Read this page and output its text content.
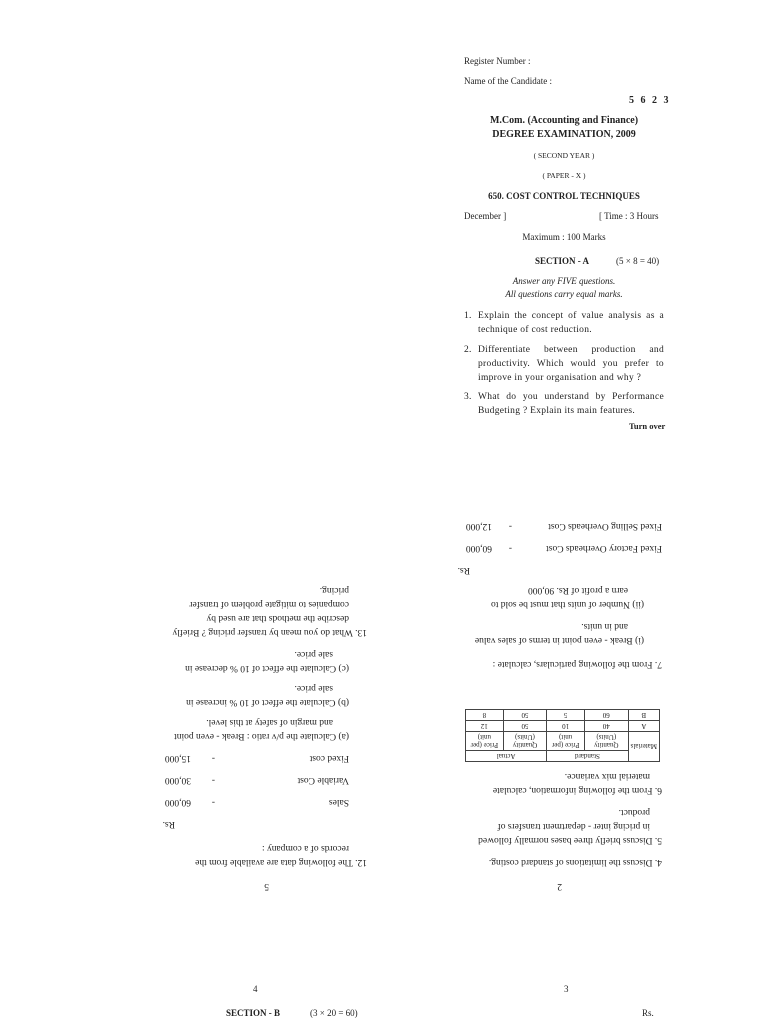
Register Number :
Name of the Candidate :
5 6 2 3
M.Com. (Accounting and Finance)
DEGREE EXAMINATION, 2009
( SECOND YEAR )
( PAPER - X )
650. COST CONTROL TECHNIQUES
December ]	[ Time : 3 Hours
Maximum : 100 Marks
SECTION - A	(5 × 8 = 40)
Answer any FIVE questions.
All questions carry equal marks.
1. Explain the concept of value analysis as a technique of cost reduction.
2. Differentiate between production and productivity. Which would you prefer to improve in your organisation and why ?
3. What do you understand by Performance Budgeting ? Explain its main features.
Turn over
2
4. Discuss the limitations of standard costing.
5. Discuss briefly three bases normally followed
in pricing inter - department transfers of
product.
6. From the following information, calculate
material mix variance.
Materials	Standard		Actual	
	Quantity (Units)	Price (per unit)	Quantity (Units)	Price (per unit)
A	40	10	50	12
B	60	5	50	8
7. From the following particulars, calculate :
(i) Break - even point in terms of sales value
and in units.
(ii) Number of units that must be sold to
earn a profit of Rs. 90,000
Rs.
Fixed Factory Overheads Cost
-
60,000
Fixed Selling Overheads Cost
-
12,000
5
12. The following data are available from the
records of a company :
Rs.
Sales
-
60,000
Variable Cost
-
30,000
Fixed cost
-
15,000
(a) Calculate the p/v ratio : Break - even point
and margin of safety at this level.
(b) Calculate the effect of 10 % increase in
sale price.
(c) Calculate the effect of 10 % decrease in
sale price.
13. What do you mean by transfer pricing ? Briefly
describe the methods that are used by
companies to mitigate problem of transfer
pricing.
4	3
SECTION - B	(3 × 20 = 60)	Rs.
